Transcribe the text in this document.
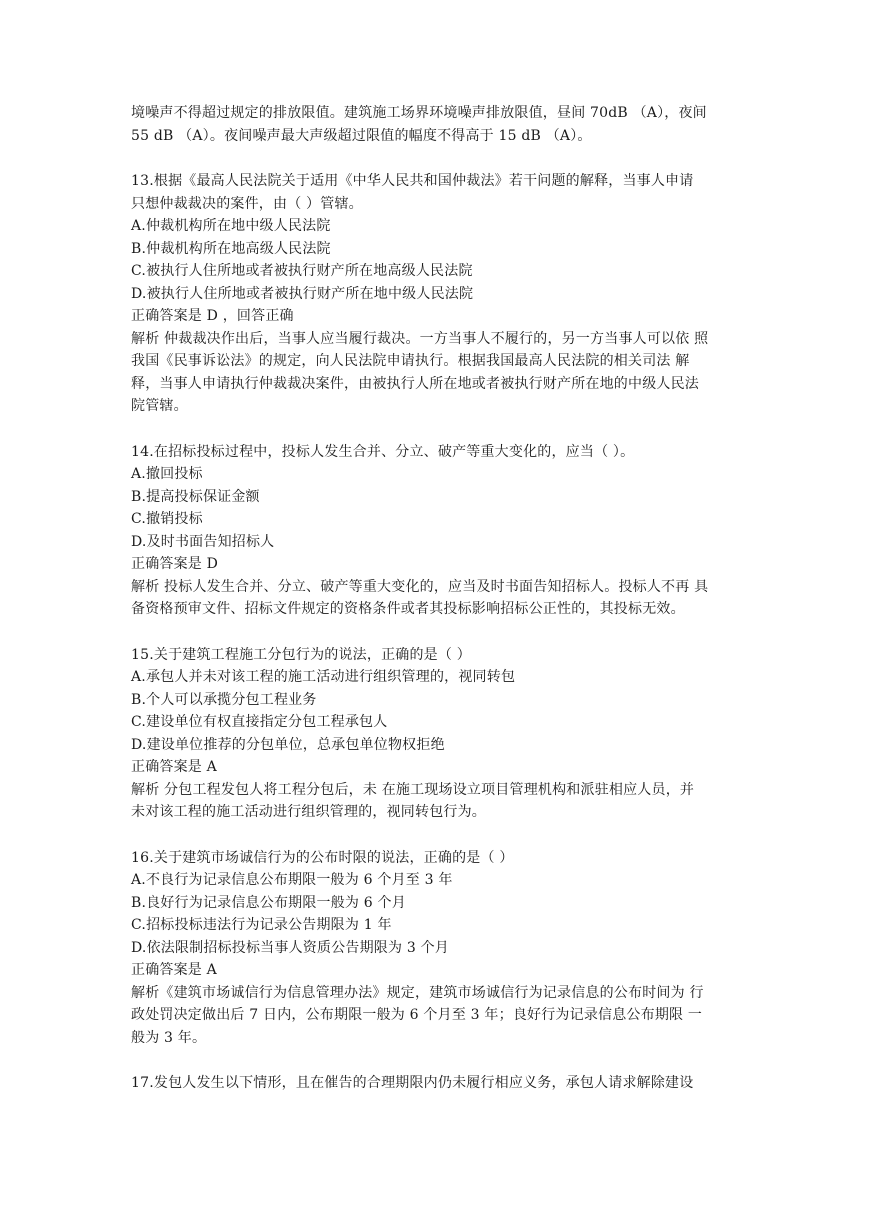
境噪声不得超过规定的排放限值。建筑施工场界环境噪声排放限值，昼间 70dB （A），夜间
55 dB （A）。夜间噪声最大声级超过限值的幅度不得高于 15 dB （A）。
13.根据《最高人民法院关于适用《中华人民共和国仲裁法》若干问题的解释，当事人申请
只想仲裁裁决的案件，由（ ）管辖。
A.仲裁机构所在地中级人民法院
B.仲裁机构所在地高级人民法院
C.被执行人住所地或者被执行财产所在地高级人民法院
D.被执行人住所地或者被执行财产所在地中级人民法院
正确答案是 D ，回答正确
解析 仲裁裁决作出后，当事人应当履行裁决。一方当事人不履行的，另一方当事人可以依 照
我国《民事诉讼法》的规定，向人民法院申请执行。根据我国最高人民法院的相关司法 解
释，当事人申请执行仲裁裁决案件，由被执行人所在地或者被执行财产所在地的中级人民法
院管辖。
14.在招标投标过程中，投标人发生合并、分立、破产等重大变化的，应当（ ）。
A.撤回投标
B.提高投标保证金额
C.撤销投标
D.及时书面告知招标人
正确答案是 D
解析 投标人发生合并、分立、破产等重大变化的，应当及时书面告知招标人。投标人不再 具
备资格预审文件、招标文件规定的资格条件或者其投标影响招标公正性的，其投标无效。
15.关于建筑工程施工分包行为的说法，正确的是（ ）
A.承包人并未对该工程的施工活动进行组织管理的，视同转包
B.个人可以承揽分包工程业务
C.建设单位有权直接指定分包工程承包人
D.建设单位推荐的分包单位，总承包单位物权拒绝
正确答案是 A
解析 分包工程发包人将工程分包后，未 在施工现场设立项目管理机构和派驻相应人员，并
未对该工程的施工活动进行组织管理的，视同转包行为。
16.关于建筑市场诚信行为的公布时限的说法，正确的是（ ）
A.不良行为记录信息公布期限一般为 6 个月至 3 年
B.良好行为记录信息公布期限一般为 6 个月
C.招标投标违法行为记录公告期限为 1 年
D.依法限制招标投标当事人资质公告期限为 3 个月
正确答案是 A
解析《建筑市场诚信行为信息管理办法》规定，建筑市场诚信行为记录信息的公布时间为 行
政处罚决定做出后 7 日内，公布期限一般为 6 个月至 3 年；良好行为记录信息公布期限 一
般为 3 年。
17.发包人发生以下情形，且在催告的合理期限内仍未履行相应义务，承包人请求解除建设
